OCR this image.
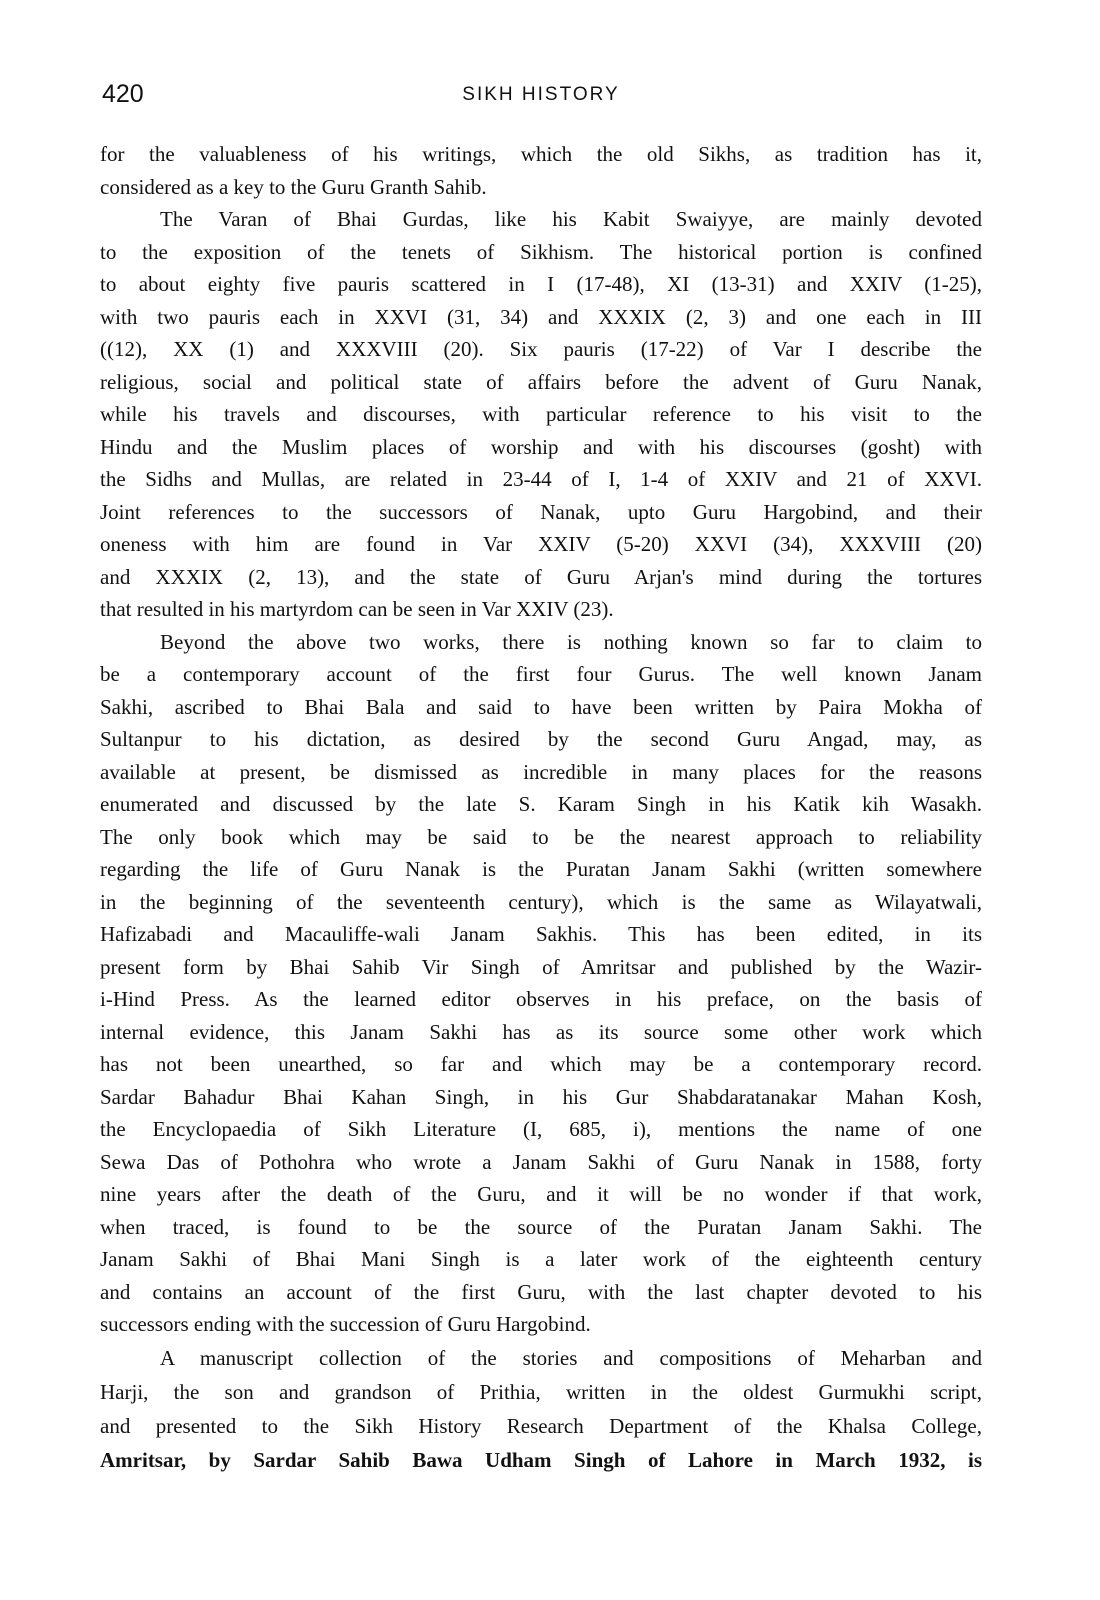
420	SIKH HISTORY
for the valuableness of his writings, which the old Sikhs, as tradition has it,
considered as a key to the Guru Granth Sahib.
The Varan of Bhai Gurdas, like his Kabit Swaiyye, are mainly devoted
to the exposition of the tenets of Sikhism. The historical portion is confined
to about eighty five pauris scattered in I (17-48), XI (13-31) and XXIV (1-25),
with two pauris each in XXVI (31, 34) and XXXIX (2, 3) and one each in III
((12), XX (1) and XXXVIII (20). Six pauris (17-22) of Var I describe the
religious, social and political state of affairs before the advent of Guru Nanak,
while his travels and discourses, with particular reference to his visit to the
Hindu and the Muslim places of worship and with his discourses (gosht) with
the Sidhs and Mullas, are related in 23-44 of I, 1-4 of XXIV and 21 of XXVI.
Joint references to the successors of Nanak, upto Guru Hargobind, and their
oneness with him are found in Var XXIV (5-20) XXVI (34), XXXVIII (20)
and XXXIX (2, 13), and the state of Guru Arjan's mind during the tortures
that resulted in his martyrdom can be seen in Var XXIV (23).
Beyond the above two works, there is nothing known so far to claim to
be a contemporary account of the first four Gurus. The well known Janam
Sakhi, ascribed to Bhai Bala and said to have been written by Paira Mokha of
Sultanpur to his dictation, as desired by the second Guru Angad, may, as
available at present, be dismissed as incredible in many places for the reasons
enumerated and discussed by the late S. Karam Singh in his Katik kih Wasakh.
The only book which may be said to be the nearest approach to reliability
regarding the life of Guru Nanak is the Puratan Janam Sakhi (written somewhere
in the beginning of the seventeenth century), which is the same as Wilayatwali,
Hafizabadi and Macauliffe-wali Janam Sakhis. This has been edited, in its
present form by Bhai Sahib Vir Singh of Amritsar and published by the Wazir-
i-Hind Press. As the learned editor observes in his preface, on the basis of
internal evidence, this Janam Sakhi has as its source some other work which
has not been unearthed, so far and which may be a contemporary record.
Sardar Bahadur Bhai Kahan Singh, in his Gur Shabdaratanakar Mahan Kosh,
the Encyclopaedia of Sikh Literature (I, 685, i), mentions the name of one
Sewa Das of Pothohra who wrote a Janam Sakhi of Guru Nanak in 1588, forty
nine years after the death of the Guru, and it will be no wonder if that work,
when traced, is found to be the source of the Puratan Janam Sakhi. The
Janam Sakhi of Bhai Mani Singh is a later work of the eighteenth century
and contains an account of the first Guru, with the last chapter devoted to his
successors ending with the succession of Guru Hargobind.
A manuscript collection of the stories and compositions of Meharban and
Harji, the son and grandson of Prithia, written in the oldest Gurmukhi script,
and presented to the Sikh History Research Department of the Khalsa College,
Amritsar, by Sardar Sahib Bawa Udham Singh of Lahore in March 1932, is
